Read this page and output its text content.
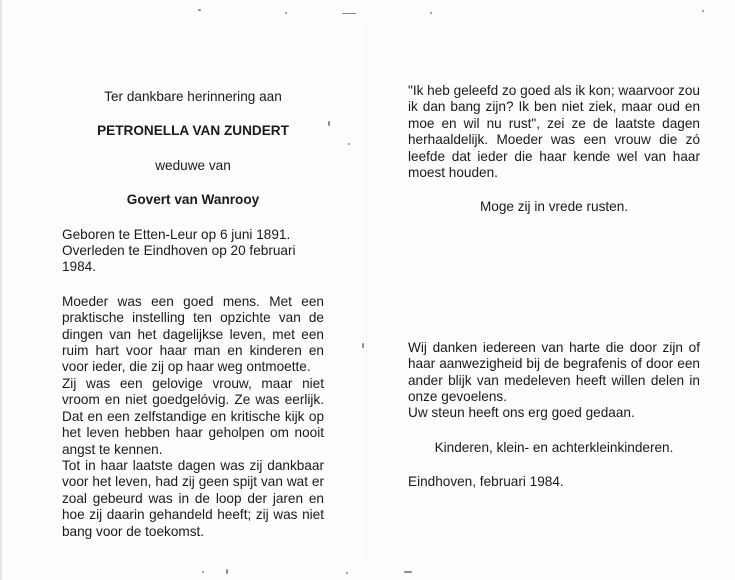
Ter dankbare herinnering aan

PETRONELLA VAN ZUNDERT

weduwe van

Govert van Wanrooy

Geboren te Etten-Leur op 6 juni 1891.

Overleden te Eindhoven op 20 februari 1984.

Moeder was een goed mens. Met een praktische instelling ten opzichte van de dingen van het dagelijkse leven, met een ruim hart voor haar man en kinderen en voor ieder, die zij op haar weg ontmoette.

Zij was een gelovige vrouw, maar niet vroom en niet goedgelóvig. Ze was eerlijk. Dat en een zelfstandige en kritische kijk op het leven hebben haar geholpen om nooit angst te kennen.

Tot in haar laatste dagen was zij dankbaar voor het leven, had zij geen spijt van wat er zoal gebeurd was in de loop der jaren en hoe zij daarin gehandeld heeft; zij was niet bang voor de toekomst.

"Ik heb geleefd zo goed als ik kon; waarvoor zou ik dan bang zijn? Ik ben niet ziek, maar oud en moe en wil nu rust", zei ze de laatste dagen herhaaldelijk. Moeder was een vrouw die zó leefde dat ieder die haar kende wel van haar moest houden.

Moge zij in vrede rusten.

Wij danken iedereen van harte die door zijn of haar aanwezigheid bij de begrafenis of door een ander blijk van medeleven heeft willen delen in onze gevoelens.

Uw steun heeft ons erg goed gedaan.

Kinderen, klein- en achterkleinkinderen.

Eindhoven, februari 1984.
